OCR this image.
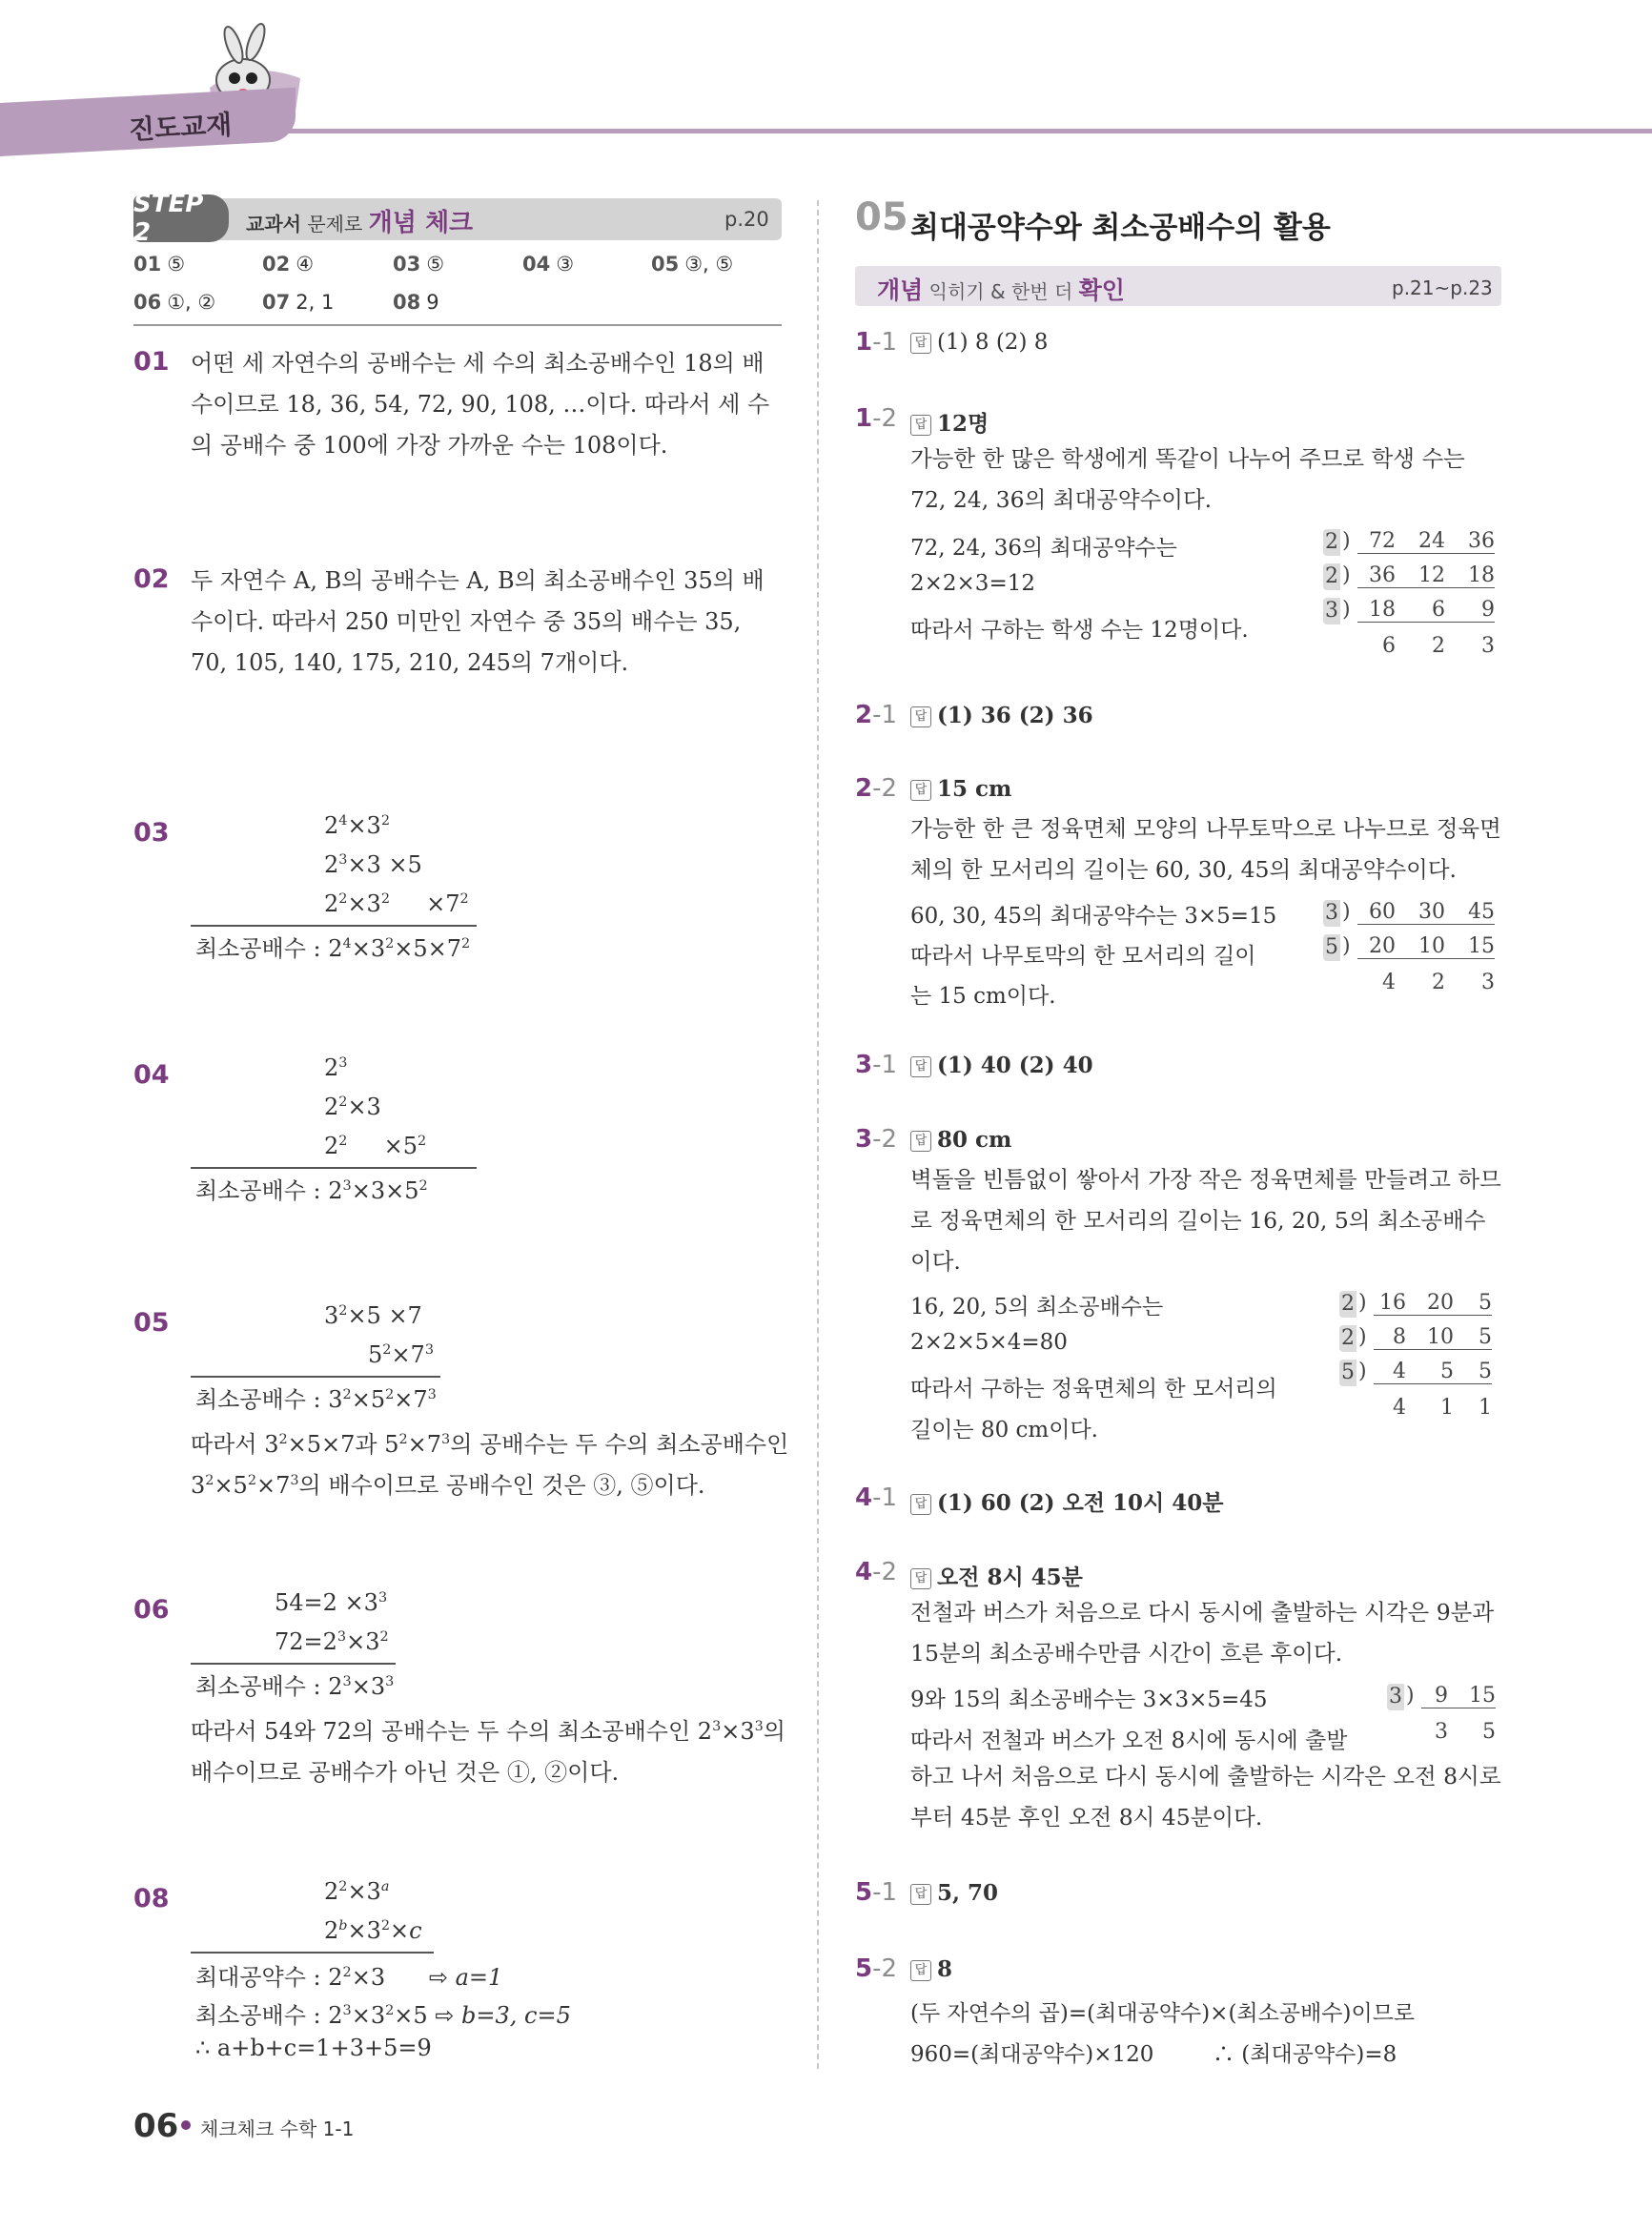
진도교재
STEP 2	교과서 문제로 개념 체크	p.20
01 ⑤	02 ④	03 ⑤	04 ③	05 ③, ⑤
06 ①, ② 07 2, 1	08 9
01 어떤 세 자연수의 공배수는 세 수의 최소공배수인 18의 배수이므로 18, 36, 54, 72, 90, 108, …이다. 따라서 세 수의 공배수 중 100에 가장 가까운 수는 108이다.
02 두 자연수 A, B의 공배수는 A, B의 최소공배수인 35의 배수이다. 따라서 250 미만인 자연수 중 35의 배수는 35, 70, 105, 140, 175, 210, 245의 7개이다.
03	$2^4\times 3^2$
$2^3\times 3 \times 5$
$2^2\times 3^2$     $\times 7^2$
최소공배수 : $2^4\times 3^2\times 5\times 7^2$
04	$2^3$
$2^2\times 3$
$2^2$     $\times 5^2$
최소공배수 : $2^3\times 3\times 5^2$
05	$3^2\times 5 \times 7$
$5^2\times 7^3$
최소공배수 : $3^2\times 5^2\times 7^3$
따라서 $3^2\times 5\times 7$과 $5^2\times 7^3$의 공배수는 두 수의 최소공배수인
$3^2\times 5^2\times 7^3$의 배수이므로 공배수인 것은 ③, ⑤이다.
06	$54=2 \times 3^3$
$72=2^3\times 3^2$
최소공배수 : $2^3\times 3^3$
따라서 54와 72의 공배수는 두 수의 최소공배수인 $2^3\times 3^3$의
배수이므로 공배수가 아닌 것은 ①, ②이다.
08	$2^2\times 3^a$
$2^b\times 3^2\times c$
최대공약수 : $2^2\times 3$      ⇨ a=1
최소공배수 : $2^3\times 3^2\times 5$ ⇨ b=3, c=5
∴ a+b+c=1+3+5=9
05 최대공약수와 최소공배수의 활용
개념 익히기 & 한번 더 확인	p.21~p.23
1-1	답 (1) 8 (2) 8
1-2	답 12명
가능한 한 많은 학생에게 똑같이 나누어 주므로 학생 수는 72, 24, 36의 최대공약수이다.
72, 24, 36의 최대공약수는
2×2×3=12
따라서 구하는 학생 수는 12명이다.
2 ) 72	24	36
2 ) 36	12	18
3 ) 18	6	9
6	2	3
2-1	답 (1) 36 (2) 36
2-2	답 15 cm
가능한 한 큰 정육면체 모양의 나무토막으로 나누므로 정육면체의 한 모서리의 길이는 60, 30, 45의 최대공약수이다.
60, 30, 45의 최대공약수는 3×5=15
따라서 나무토막의 한 모서리의 길이
는 15 cm이다.
3 ) 60	30	45
5 ) 20	10	15
4	2	3
3-1	답 (1) 40 (2) 40
3-2	답 80 cm
벽돌을 빈틈없이 쌓아서 가장 작은 정육면체를 만들려고 하므로 정육면체의 한 모서리의 길이는 16, 20, 5의 최소공배수이다.
16, 20, 5의 최소공배수는
2×2×5×4=80
따라서 구하는 정육면체의 한 모서리의
길이는 80 cm이다.
2 ) 16	20	5
2 )	8	10	5
5 )	4	5	5
4	1	1
4-1	답 (1) 60 (2) 오전 10시 40분
4-2	답 오전 8시 45분
전철과 버스가 처음으로 다시 동시에 출발하는 시각은 9분과 15분의 최소공배수만큼 시간이 흐른 후이다.
9와 15의 최소공배수는 3×3×5=45
따라서 전철과 버스가 오전 8시에 동시에 출발
하고 나서 처음으로 다시 동시에 출발하는 시각은 오전 8시로부터 45분 후인 오전 8시 45분이다.
3 ) 9	15
3	5
5-1	답 5, 70
5-2	답 8
(두 자연수의 곱)=(최대공약수)×(최소공배수)이므로
960=(최대공약수)×120	∴ (최대공약수)=8
06 체크체크 수학 1-1
